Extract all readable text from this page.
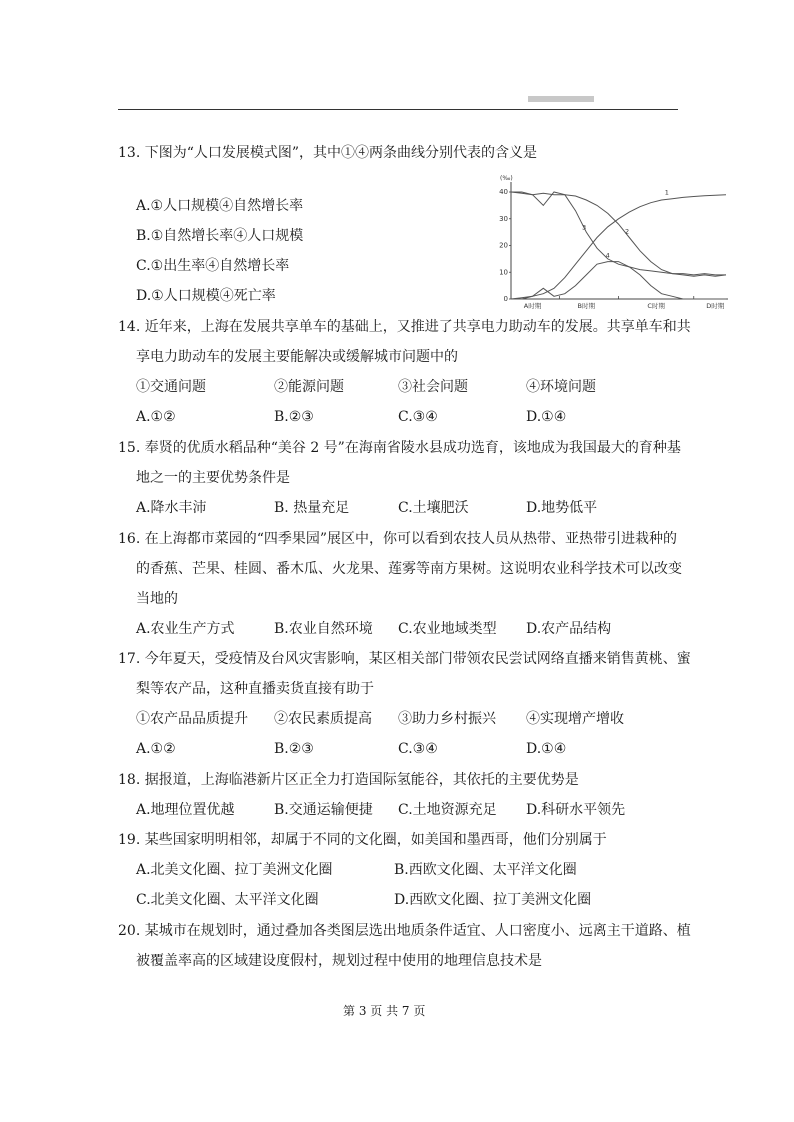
13. 下图为“人口发展模式图”，其中①④两条曲线分别代表的含义是
A.①人口规模④自然增长率
B.①自然增长率④人口规模
C.①出生率④自然增长率
D.①人口规模④死亡率
(‰)
40
30
20
10
0
A时期	B时期	C时期	D时期
1
2
3
4
14. 近年来，上海在发展共享单车的基础上，又推进了共享电力助动车的发展。共享单车和共
享电力助动车的发展主要能解决或缓解城市问题中的
①交通问题	②能源问题	③社会问题	④环境问题
A.①②	B.②③	C.③④	D.①④
15. 奉贤的优质水稻品种“美谷 2 号”在海南省陵水县成功选育，该地成为我国最大的育种基
地之一的主要优势条件是
A.降水丰沛	B. 热量充足	C.土壤肥沃	D.地势低平
16. 在上海都市菜园的“四季果园”展区中，你可以看到农技人员从热带、亚热带引进栽种的
的香蕉、芒果、桂圆、番木瓜、火龙果、莲雾等南方果树。这说明农业科学技术可以改变
当地的
A.农业生产方式	B.农业自然环境 C.农业地域类型 D.农产品结构
17. 今年夏天，受疫情及台风灾害影响，某区相关部门带领农民尝试网络直播来销售黄桃、蜜
梨等农产品，这种直播卖货直接有助于
①农产品品质提升 ②农民素质提高 ③助力乡村振兴 ④实现增产增收
A.①②	B.②③	C.③④	D.①④
18. 据报道，上海临港新片区正全力打造国际氢能谷，其依托的主要优势是
A.地理位置优越	B.交通运输便捷 C.土地资源充足 D.科研水平领先
19. 某些国家明明相邻，却属于不同的文化圈，如美国和墨西哥，他们分别属于
A.北美文化圈、拉丁美洲文化圈	B.西欧文化圈、太平洋文化圈
C.北美文化圈、太平洋文化圈	D.西欧文化圈、拉丁美洲文化圈
20. 某城市在规划时，通过叠加各类图层选出地质条件适宜、人口密度小、远离主干道路、植
被覆盖率高的区域建设度假村，规划过程中使用的地理信息技术是
第 3 页 共 7 页
